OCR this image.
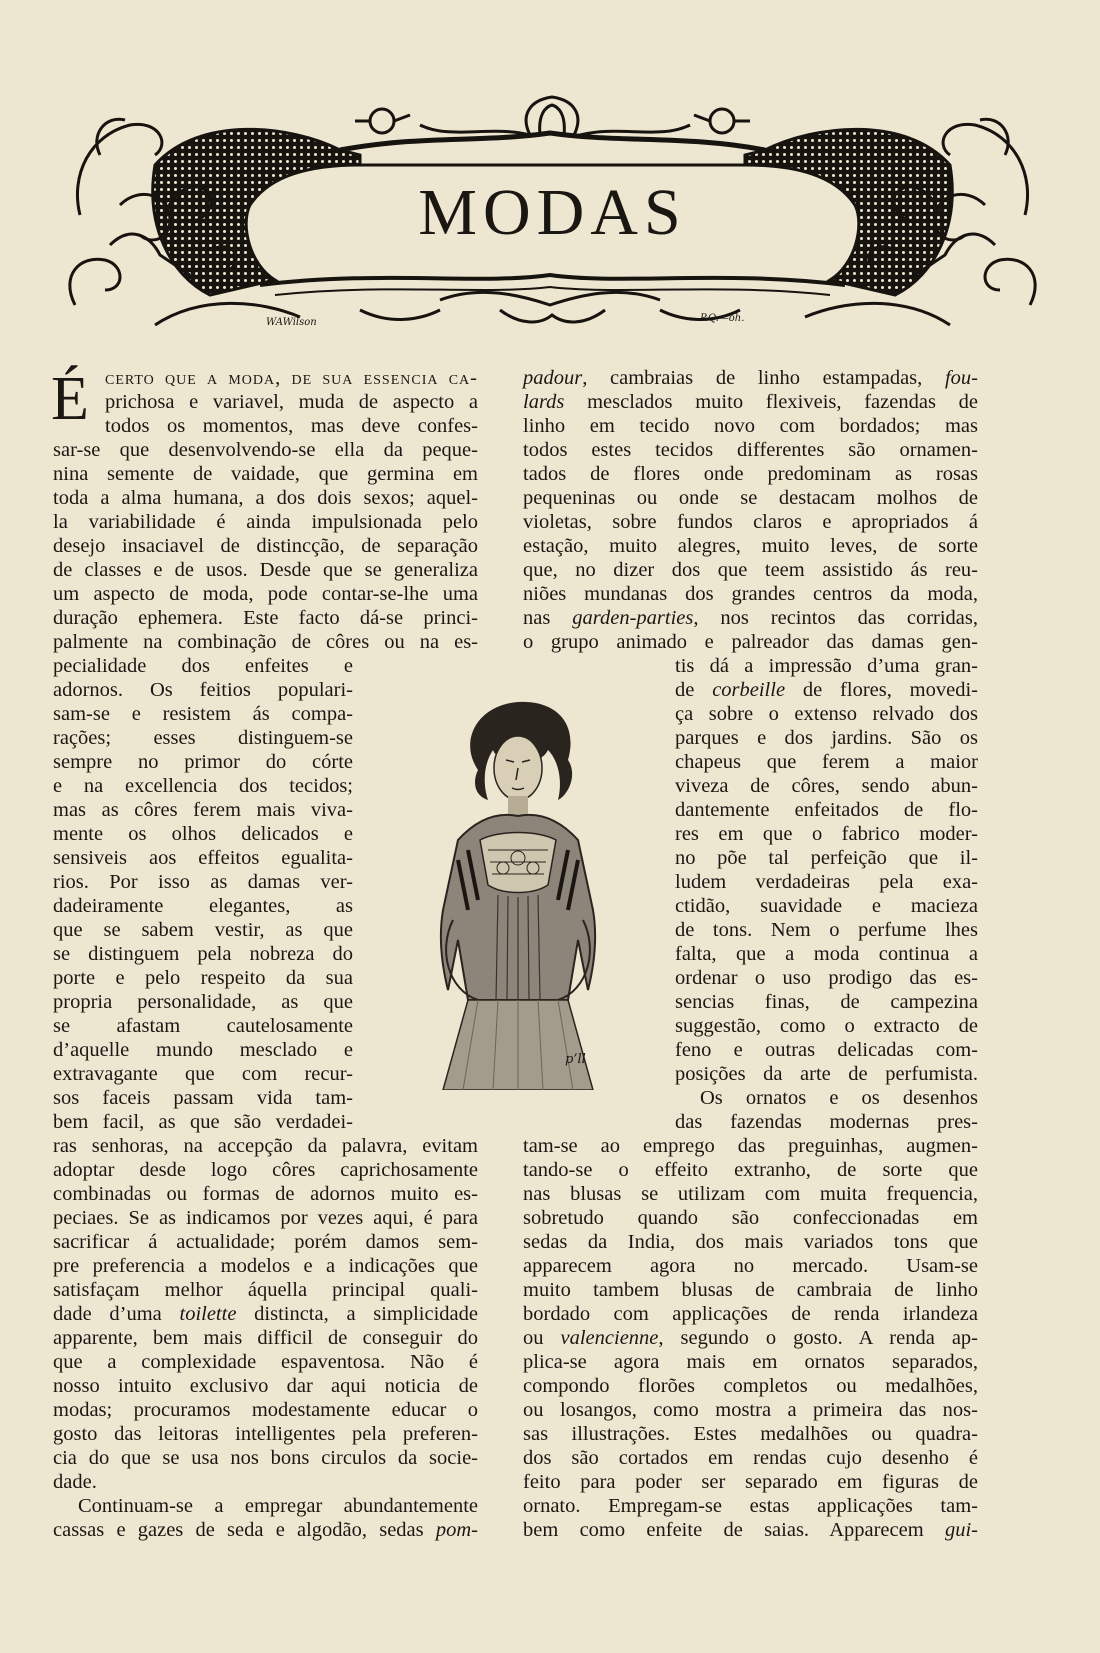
MODAS
WAWilson	P.Q.—oh.
É
p’ll
certo que a moda, de sua essencia ca-
prichosa e variavel, muda de aspecto a
todos os momentos, mas deve confes-
sar-se que desenvolvendo-se ella da peque-
nina semente de vaidade, que germina em
toda a alma humana, a dos dois sexos; aquel-
la variabilidade é ainda impulsionada pelo
desejo insaciavel de distincção, de separação
de classes e de usos. Desde que se generaliza
um aspecto de moda, pode contar-se-lhe uma
duração ephemera. Este facto dá-se princi-
palmente na combinação de côres ou na es-
pecialidade dos enfeites e
adornos. Os feitios populari-
sam-se e resistem ás compa-
rações; esses distinguem-se
sempre no primor do córte
e na excellencia dos tecidos;
mas as côres ferem mais viva-
mente os olhos delicados e
sensiveis aos effeitos egualita-
rios. Por isso as damas ver-
dadeiramente elegantes, as
que se sabem vestir, as que
se distinguem pela nobreza do
porte e pelo respeito da sua
propria personalidade, as que
se afastam cautelosamente
d’aquelle mundo mesclado e
extravagante que com recur-
sos faceis passam vida tam-
bem facil, as que são verdadei-
ras senhoras, na accepção da palavra, evitam
adoptar desde logo côres caprichosamente
combinadas ou formas de adornos muito es-
peciaes. Se as indicamos por vezes aqui, é para
sacrificar á actualidade; porém damos sem-
pre preferencia a modelos e a indicações que
satisfaçam melhor áquella principal quali-
dade d’uma toilette distincta, a simplicidade
apparente, bem mais difficil de conseguir do
que a complexidade espaventosa. Não é
nosso intuito exclusivo dar aqui noticia de
modas; procuramos modestamente educar o
gosto das leitoras intelligentes pela preferen-
cia do que se usa nos bons circulos da socie-
dade.
Continuam-se a empregar abundantemente
cassas e gazes de seda e algodão, sedas pom-
padour, cambraias de linho estampadas, fou-
lards mesclados muito flexiveis, fazendas de
linho em tecido novo com bordados; mas
todos estes tecidos differentes são ornamen-
tados de flores onde predominam as rosas
pequeninas ou onde se destacam molhos de
violetas, sobre fundos claros e apropriados á
estação, muito alegres, muito leves, de sorte
que, no dizer dos que teem assistido ás reu-
niões mundanas dos grandes centros da moda,
nas garden-parties, nos recintos das corridas,
o grupo animado e palreador das damas gen-
tis dá a impressão d’uma gran-
de corbeille de flores, movedi-
ça sobre o extenso relvado dos
parques e dos jardins. São os
chapeus que ferem a maior
viveza de côres, sendo abun-
dantemente enfeitados de flo-
res em que o fabrico moder-
no põe tal perfeição que il-
ludem verdadeiras pela exa-
ctidão, suavidade e macieza
de tons. Nem o perfume lhes
falta, que a moda continua a
ordenar o uso prodigo das es-
sencias finas, de campezina
suggestão, como o extracto de
feno e outras delicadas com-
posições da arte de perfumista.
Os ornatos e os desenhos
das fazendas modernas pres-
tam-se ao emprego das preguinhas, augmen-
tando-se o effeito extranho, de sorte que
nas blusas se utilizam com muita frequencia,
sobretudo quando são confeccionadas em
sedas da India, dos mais variados tons que
apparecem agora no mercado. Usam-se
muito tambem blusas de cambraia de linho
bordado com applicações de renda irlandeza
ou valencienne, segundo o gosto. A renda ap-
plica-se agora mais em ornatos separados,
compondo florões completos ou medalhões,
ou losangos, como mostra a primeira das nos-
sas illustrações. Estes medalhões ou quadra-
dos são cortados em rendas cujo desenho é
feito para poder ser separado em figuras de
ornato. Empregam-se estas applicações tam-
bem como enfeite de saias. Apparecem gui-
